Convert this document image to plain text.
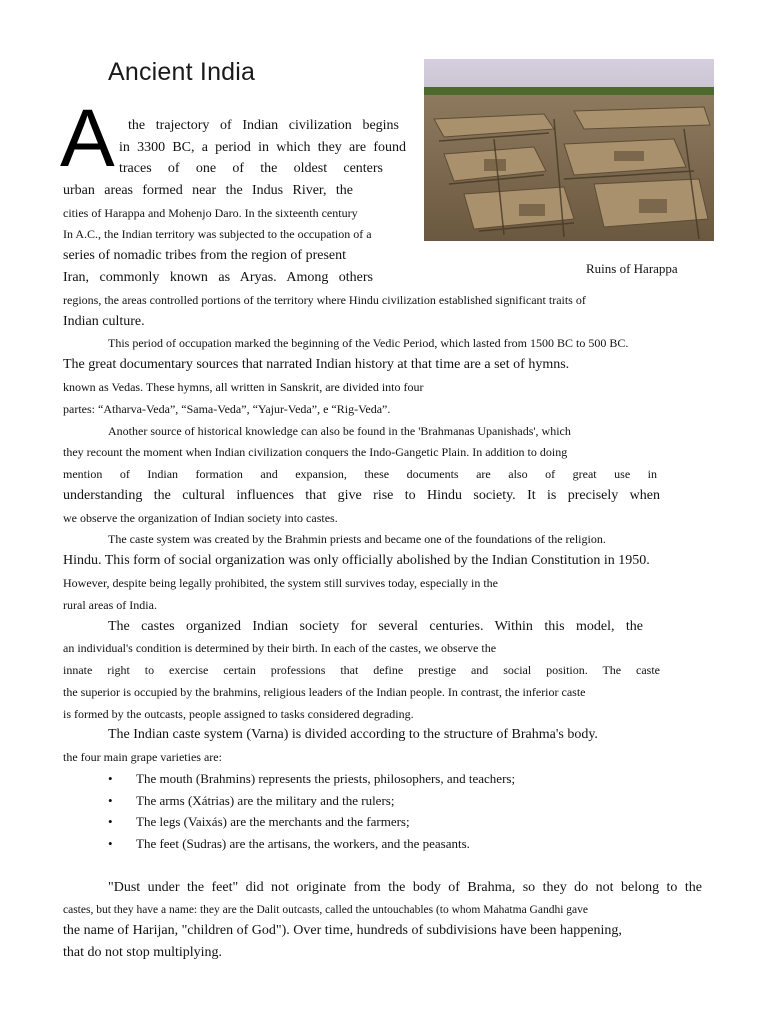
Ancient India
Ruins of Harappa
A the trajectory of Indian civilization begins
in 3300 BC, a period in which they are found
traces of one of the oldest centers
urban areas formed near the Indus River, the
cities of Harappa and Mohenjo Daro. In the sixteenth century
In A.C., the Indian territory was subjected to the occupation of a
series of nomadic tribes from the region of present
Iran, commonly known as Aryas. Among others
regions, the areas controlled portions of the territory where Hindu civilization established significant traits of
Indian culture.
This period of occupation marked the beginning of the Vedic Period, which lasted from 1500 BC to 500 BC.
The great documentary sources that narrated Indian history at that time are a set of hymns.
known as Vedas. These hymns, all written in Sanskrit, are divided into four
partes: “Atharva-Veda”, “Sama-Veda”, “Yajur-Veda”, e “Rig-Veda”.
Another source of historical knowledge can also be found in the 'Brahmanas Upanishads', which
they recount the moment when Indian civilization conquers the Indo-Gangetic Plain. In addition to doing
mention of Indian formation and expansion, these documents are also of great use in
understanding the cultural influences that give rise to Hindu society. It is precisely when
we observe the organization of Indian society into castes.
The caste system was created by the Brahmin priests and became one of the foundations of the religion.
Hindu. This form of social organization was only officially abolished by the Indian Constitution in 1950.
However, despite being legally prohibited, the system still survives today, especially in the
rural areas of India.
The castes organized Indian society for several centuries. Within this model, the
an individual's condition is determined by their birth. In each of the castes, we observe the
innate right to exercise certain professions that define prestige and social position. The caste
the superior is occupied by the brahmins, religious leaders of the Indian people. In contrast, the inferior caste
is formed by the outcasts, people assigned to tasks considered degrading.
The Indian caste system (Varna) is divided according to the structure of Brahma's body.
the four main grape varieties are:
• The mouth (Brahmins) represents the priests, philosophers, and teachers;
• The arms (Xátrias) are the military and the rulers;
• The legs (Vaixás) are the merchants and the farmers;
• The feet (Sudras) are the artisans, the workers, and the peasants.
"Dust under the feet" did not originate from the body of Brahma, so they do not belong to the
castes, but they have a name: they are the Dalit outcasts, called the untouchables (to whom Mahatma Gandhi gave
the name of Harijan, "children of God"). Over time, hundreds of subdivisions have been happening,
that do not stop multiplying.
